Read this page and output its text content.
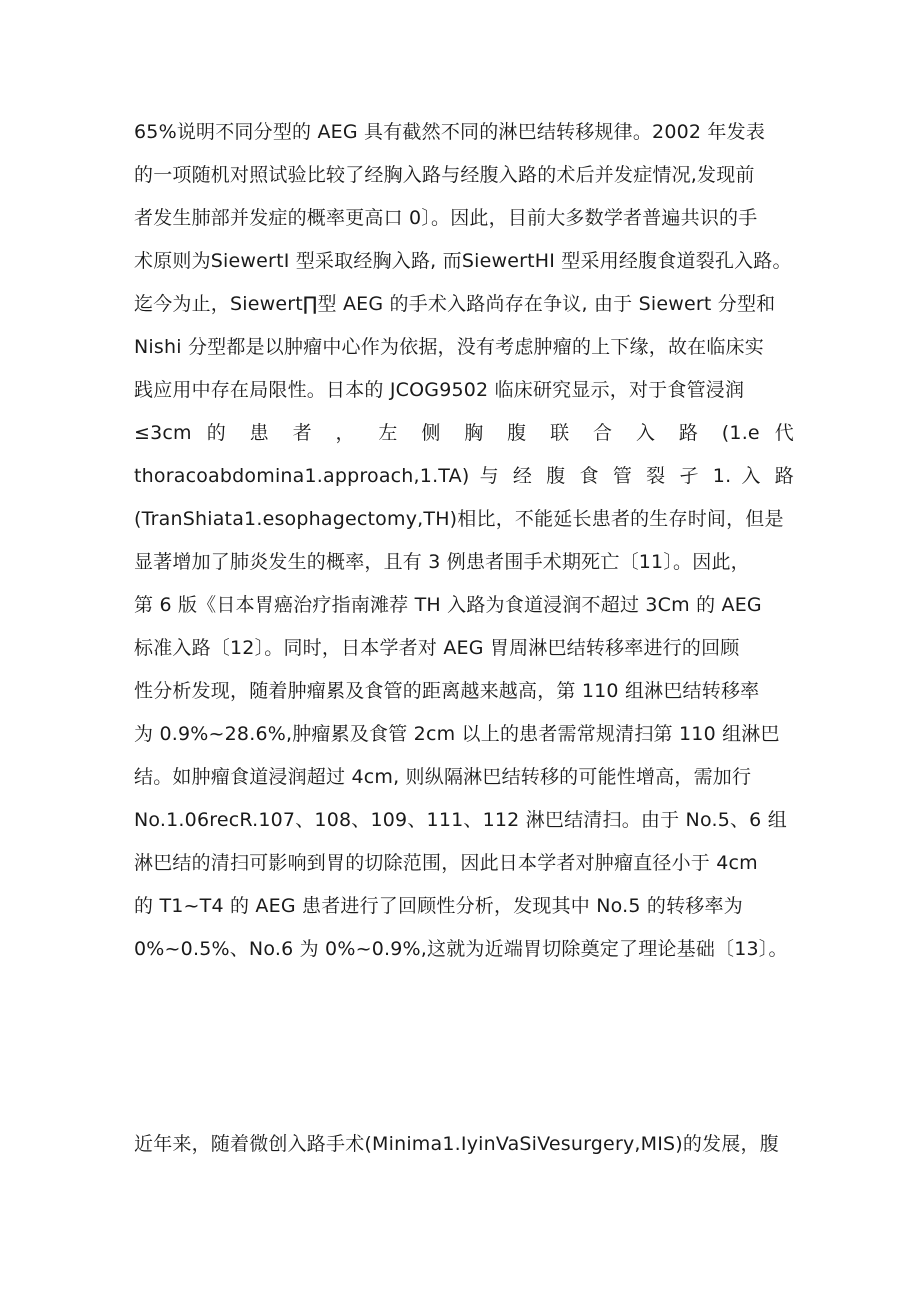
65%说明不同分型的 AEG 具有截然不同的淋巴结转移规律。2002 年发表
的一项随机对照试验比较了经胸入路与经腹入路的术后并发症情况,发现前
者发生肺部并发症的概率更高口 0〕。因此，目前大多数学者普遍共识的手
术原则为SiewertI 型采取经胸入路, 而SiewertHI 型采用经腹食道裂孔入路。
迄今为止，Siewert∏型 AEG 的手术入路尚存在争议, 由于 Siewert 分型和
Nishi 分型都是以肿瘤中心作为依据，没有考虑肿瘤的上下缘，故在临床实
践应用中存在局限性。日本的 JCOG9502 临床研究显示，对于食管浸润
≤3cm 的 患 者 ， 左 侧 胸 腹 联 合 入 路 (1.e 代
thoracoabdomina1.approach,1.TA) 与 经 腹 食 管 裂 孑 1. 入 路
(TranShiata1.esophagectomy,TH)相比，不能延长患者的生存时间，但是
显著增加了肺炎发生的概率，且有 3 例患者围手术期死亡〔11〕。因此，
第 6 版《日本胃癌治疗指南滩荐 TH 入路为食道浸润不超过 3Cm 的 AEG
标准入路〔12〕。同时，日本学者对 AEG 胃周淋巴结转移率进行的回顾
性分析发现，随着肿瘤累及食管的距离越来越高，第 110 组淋巴结转移率
为 0.9%~28.6%,肿瘤累及食管 2cm 以上的患者需常规清扫第 110 组淋巴
结。如肿瘤食道浸润超过 4cm, 则纵隔淋巴结转移的可能性增高，需加行
No.1.06recR.107、108、109、111、112 淋巴结清扫。由于 No.5、6 组
淋巴结的清扫可影响到胃的切除范围，因此日本学者对肿瘤直径小于 4cm
的 T1~T4 的 AEG 患者进行了回顾性分析，发现其中 No.5 的转移率为
0%~0.5%、No.6 为 0%~0.9%,这就为近端胃切除奠定了理论基础〔13〕。
近年来，随着微创入路手术(Minima1.IyinVaSiVesurgery,MIS)的发展，腹
